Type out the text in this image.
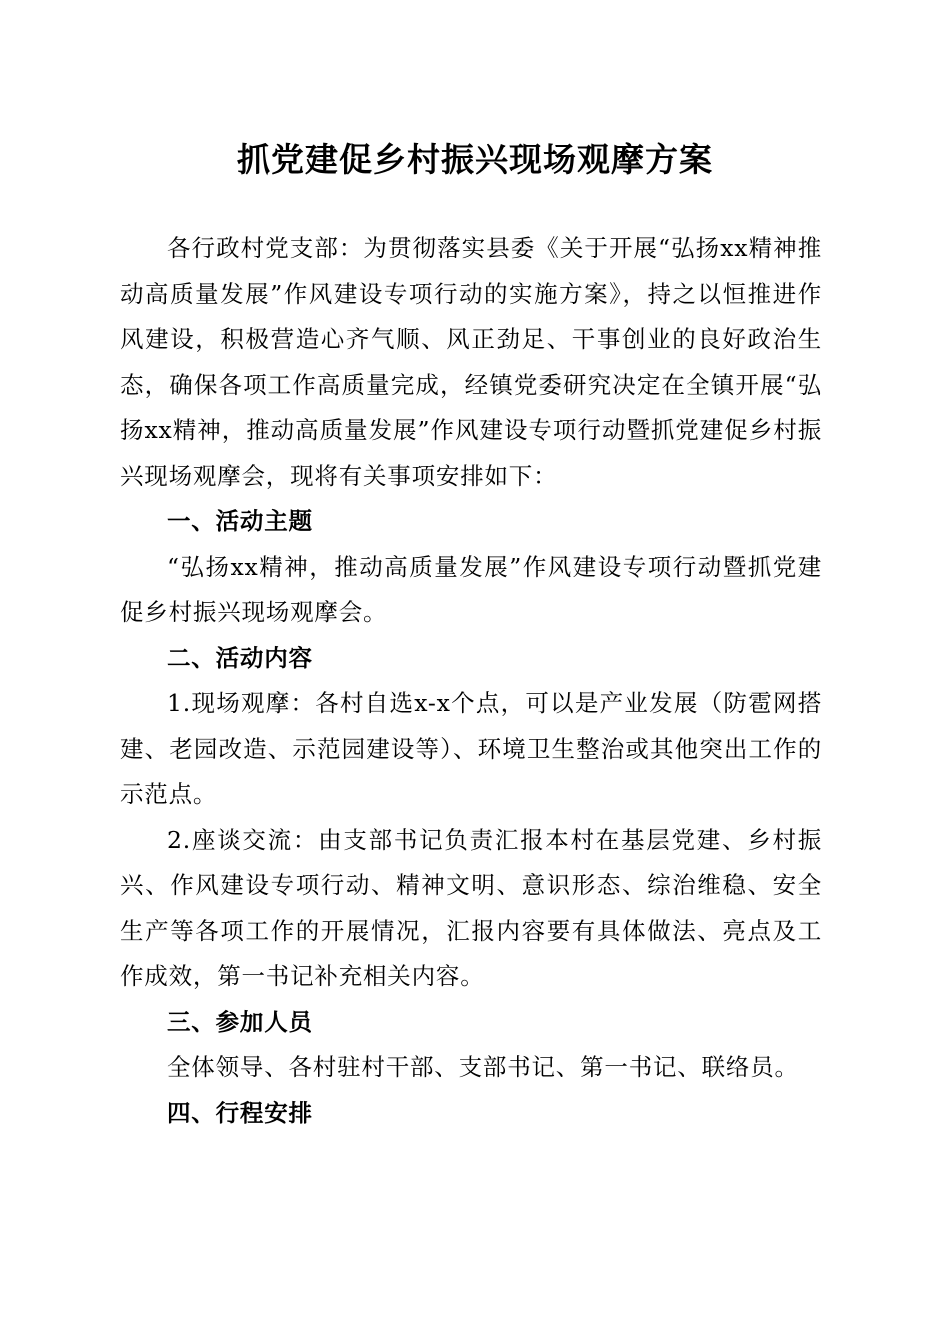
抓党建促乡村振兴现场观摩方案

各行政村党支部：为贯彻落实县委《关于开展“弘扬xx精神推动高质量发展”作风建设专项行动的实施方案》，持之以恒推进作风建设，积极营造心齐气顺、风正劲足、干事创业的良好政治生态，确保各项工作高质量完成，经镇党委研究决定在全镇开展“弘扬xx精神，推动高质量发展”作风建设专项行动暨抓党建促乡村振兴现场观摩会，现将有关事项安排如下：

一、活动主题

“弘扬xx精神，推动高质量发展”作风建设专项行动暨抓党建促乡村振兴现场观摩会。

二、活动内容

1.现场观摩：各村自选x-x个点，可以是产业发展（防雹网搭建、老园改造、示范园建设等）、环境卫生整治或其他突出工作的示范点。

2.座谈交流：由支部书记负责汇报本村在基层党建、乡村振兴、作风建设专项行动、精神文明、意识形态、综治维稳、安全生产等各项工作的开展情况，汇报内容要有具体做法、亮点及工作成效，第一书记补充相关内容。

三、参加人员

全体领导、各村驻村干部、支部书记、第一书记、联络员。

四、行程安排
